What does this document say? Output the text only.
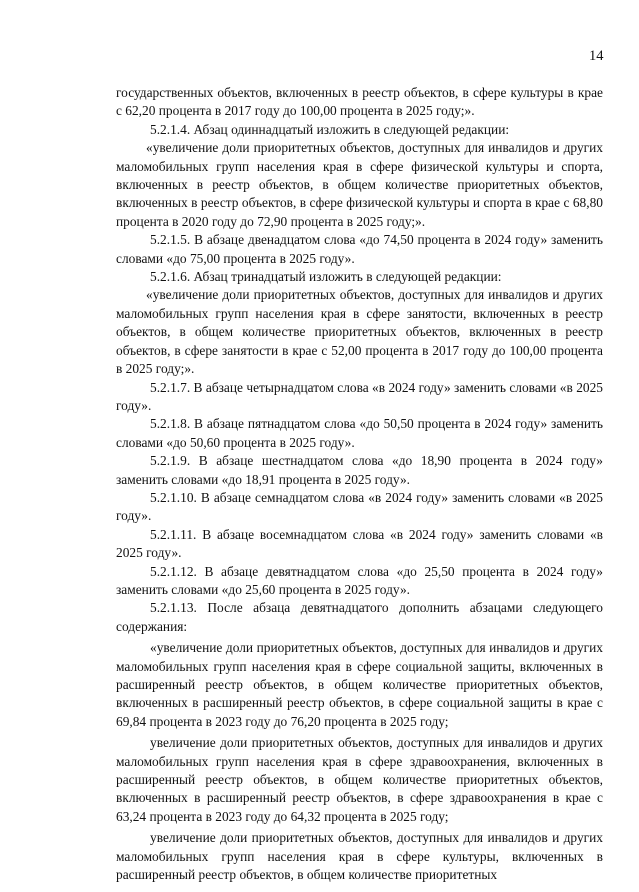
14

государственных объектов, включенных в реестр объектов, в сфере культуры в крае с 62,20 процента в 2017 году до 100,00 процента в 2025 году;».

5.2.1.4. Абзац одиннадцатый изложить в следующей редакции:

«увеличение доли приоритетных объектов, доступных для инвалидов и других маломобильных групп населения края в сфере физической культуры и спорта, включенных в реестр объектов, в общем количестве приоритетных объектов, включенных в реестр объектов, в сфере физической культуры и спорта в крае с 68,80 процента в 2020 году до 72,90 процента в 2025 году;».

5.2.1.5. В абзаце двенадцатом слова «до 74,50 процента в 2024 году» заменить словами «до 75,00 процента в 2025 году».

5.2.1.6. Абзац тринадцатый изложить в следующей редакции:

«увеличение доли приоритетных объектов, доступных для инвалидов и других маломобильных групп населения края в сфере занятости, включенных в реестр объектов, в общем количестве приоритетных объектов, включенных в реестр объектов, в сфере занятости в крае с 52,00 процента в 2017 году до 100,00 процента в 2025 году;».

5.2.1.7. В абзаце четырнадцатом слова «в 2024 году» заменить словами «в 2025 году».

5.2.1.8. В абзаце пятнадцатом слова «до 50,50 процента в 2024 году» заменить словами «до 50,60 процента в 2025 году».

5.2.1.9. В абзаце шестнадцатом слова «до 18,90 процента в 2024 году» заменить словами «до 18,91 процента в 2025 году».

5.2.1.10. В абзаце семнадцатом слова «в 2024 году» заменить словами «в 2025 году».

5.2.1.11. В абзаце восемнадцатом слова «в 2024 году» заменить словами «в 2025 году».

5.2.1.12. В абзаце девятнадцатом слова «до 25,50 процента в 2024 году» заменить словами «до 25,60 процента в 2025 году».

5.2.1.13. После абзаца девятнадцатого дополнить абзацами следующего содержания:

«увеличение доли приоритетных объектов, доступных для инвалидов и других маломобильных групп населения края в сфере социальной защиты, включенных в расширенный реестр объектов, в общем количестве приоритетных объектов, включенных в расширенный реестр объектов, в сфере социальной защиты в крае с 69,84 процента в 2023 году до 76,20 процента в 2025 году;

увеличение доли приоритетных объектов, доступных для инвалидов и других маломобильных групп населения края в сфере здравоохранения, включенных в расширенный реестр объектов, в общем количестве приоритетных объектов, включенных в расширенный реестр объектов, в сфере здравоохранения в крае с 63,24 процента в 2023 году до 64,32 процента в 2025 году;

увеличение доли приоритетных объектов, доступных для инвалидов и других маломобильных групп населения края в сфере культуры, включенных в расширенный реестр объектов, в общем количестве приоритетных
